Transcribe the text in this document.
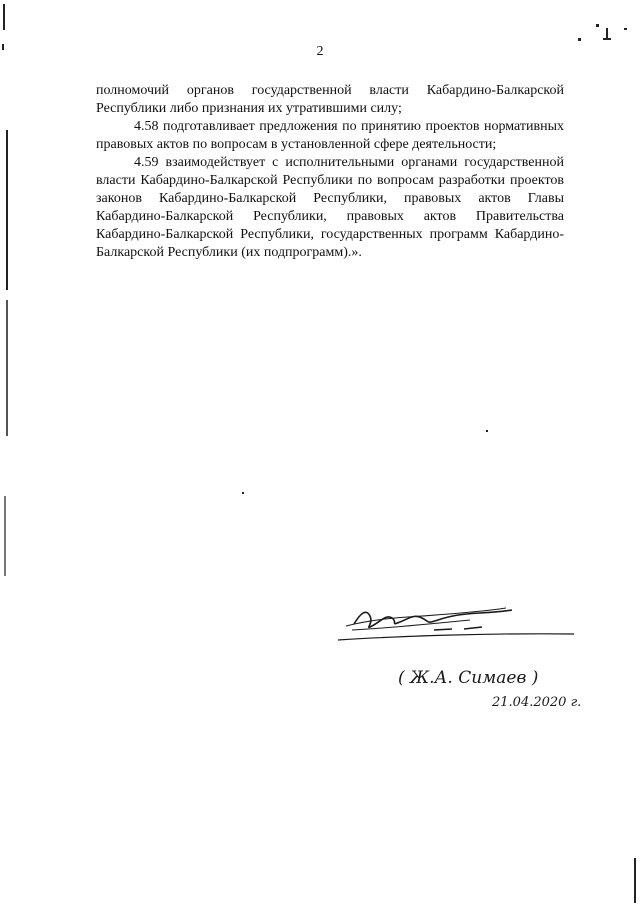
2

полномочий органов государственной власти Кабардино-Балкарской Республики либо признания их утратившими силу;

4.58 подготавливает предложения по принятию проектов нормативных правовых актов по вопросам в установленной сфере деятельности;

4.59 взаимодействует с исполнительными органами государственной власти Кабардино-Балкарской Республики по вопросам разработки проектов законов Кабардино-Балкарской Республики, правовых актов Главы Кабардино-Балкарской Республики, правовых актов Правительства Кабардино-Балкарской Республики, государственных программ Кабардино-Балкарской Республики (их подпрограмм).».

( Ж.А. Симаев )
21.04.2020 г.
